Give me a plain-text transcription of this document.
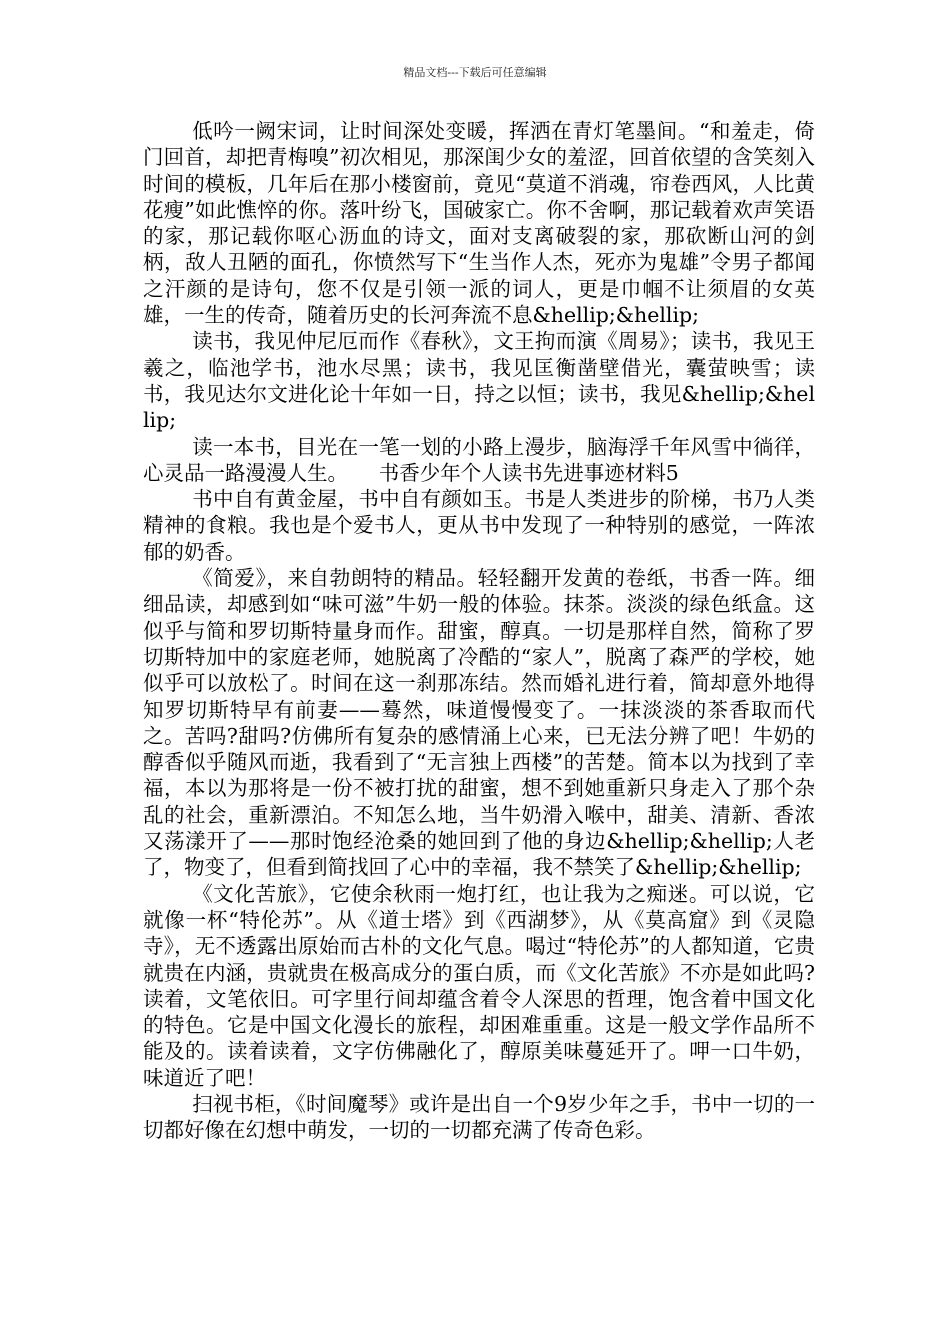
精品文档---下载后可任意编辑

低吟一阙宋词，让时间深处变暖，挥洒在青灯笔墨间。“和羞走，倚门回首，却把青梅嗅”初次相见，那深闺少女的羞涩，回首依望的含笑刻入时间的模板，几年后在那小楼窗前，竟见“莫道不消魂，帘卷西风，人比黄花瘦”如此憔悴的你。落叶纷飞，国破家亡。你不舍啊，那记载着欢声笑语的家，那记载你呕心沥血的诗文，面对支离破裂的家，那砍断山河的剑柄，敌人丑陋的面孔，你愤然写下“生当作人杰，死亦为鬼雄”令男子都闻之汗颜的是诗句，您不仅是引领一派的词人，更是巾帼不让须眉的女英雄，一生的传奇，随着历史的长河奔流不息&hellip;&hellip;

读书，我见仲尼厄而作《春秋》，文王拘而演《周易》；读书，我见王羲之，临池学书，池水尽黑；读书，我见匡衡凿壁借光，囊萤映雪；读书，我见达尔文进化论十年如一日，持之以恒；读书，我见&hellip;&hellip;

读一本书，目光在一笔一划的小路上漫步，脑海浮千年风雪中徜徉，心灵品一路漫漫人生。　　书香少年个人读书先进事迹材料5

书中自有黄金屋，书中自有颜如玉。书是人类进步的阶梯，书乃人类精神的食粮。我也是个爱书人，更从书中发现了一种特别的感觉，一阵浓郁的奶香。

《简爱》，来自勃朗特的精品。轻轻翻开发黄的卷纸，书香一阵。细细品读，却感到如“味可滋”牛奶一般的体验。抹茶。淡淡的绿色纸盒。这似乎与简和罗切斯特量身而作。甜蜜，醇真。一切是那样自然，简称了罗切斯特加中的家庭老师，她脱离了冷酷的“家人”，脱离了森严的学校，她似乎可以放松了。时间在这一刹那冻结。然而婚礼进行着，简却意外地得知罗切斯特早有前妻——蓦然，味道慢慢变了。一抹淡淡的茶香取而代之。苦吗?甜吗?仿佛所有复杂的感情涌上心来，已无法分辨了吧！牛奶的醇香似乎随风而逝，我看到了“无言独上西楼”的苦楚。简本以为找到了幸福，本以为那将是一份不被打扰的甜蜜，想不到她重新只身走入了那个杂乱的社会，重新漂泊。不知怎么地，当牛奶滑入喉中，甜美、清新、香浓又荡漾开了——那时饱经沧桑的她回到了他的身边&hellip;&hellip;人老了，物变了，但看到简找回了心中的幸福，我不禁笑了&hellip;&hellip;

《文化苦旅》，它使余秋雨一炮打红，也让我为之痴迷。可以说，它就像一杯“特伦苏”。从《道士塔》到《西湖梦》，从《莫高窟》到《灵隐寺》，无不透露出原始而古朴的文化气息。喝过“特伦苏”的人都知道，它贵就贵在内涵，贵就贵在极高成分的蛋白质，而《文化苦旅》不亦是如此吗?读着，文笔依旧。可字里行间却蕴含着令人深思的哲理，饱含着中国文化的特色。它是中国文化漫长的旅程，却困难重重。这是一般文学作品所不能及的。读着读着，文字仿佛融化了，醇原美味蔓延开了。呷一口牛奶，味道近了吧！

扫视书柜，《时间魔琴》或许是出自一个9岁少年之手，书中一切的一切都好像在幻想中萌发，一切的一切都充满了传奇色彩。
